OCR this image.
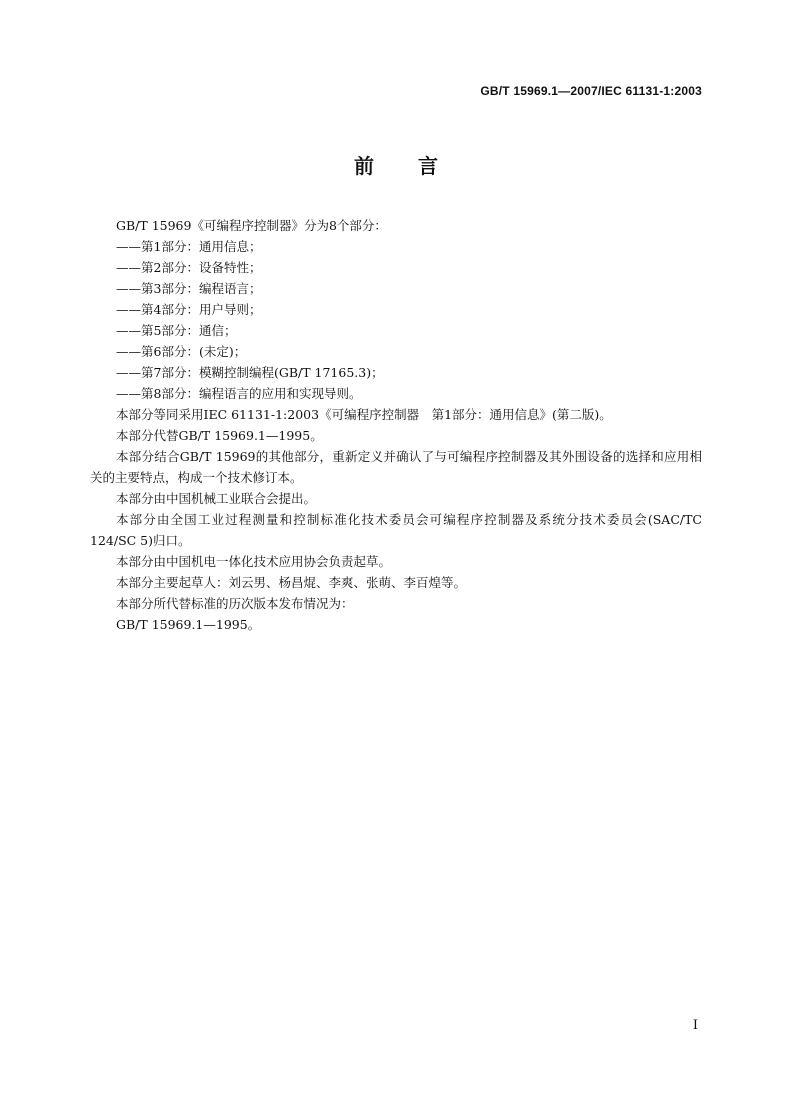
GB/T 15969.1—2007/IEC 61131-1:2003
前言

GB/T 15969《可编程序控制器》分为8个部分：

——第1部分：通用信息；

——第2部分：设备特性；

——第3部分：编程语言；

——第4部分：用户导则；

——第5部分：通信；

——第6部分：(未定)；

——第7部分：模糊控制编程(GB/T 17165.3)；

——第8部分：编程语言的应用和实现导则。

本部分等同采用IEC 61131-1:2003《可编程序控制器　第1部分：通用信息》(第二版)。

本部分代替GB/T 15969.1—1995。

本部分结合GB/T 15969的其他部分，重新定义并确认了与可编程序控制器及其外围设备的选择和应用相关的主要特点，构成一个技术修订本。

本部分由中国机械工业联合会提出。

本部分由全国工业过程测量和控制标准化技术委员会可编程序控制器及系统分技术委员会(SAC/TC 124/SC 5)归口。

本部分由中国机电一体化技术应用协会负责起草。

本部分主要起草人：刘云男、杨昌焜、李爽、张萌、李百煌等。

本部分所代替标准的历次版本发布情况为：

GB/T 15969.1—1995。

I
